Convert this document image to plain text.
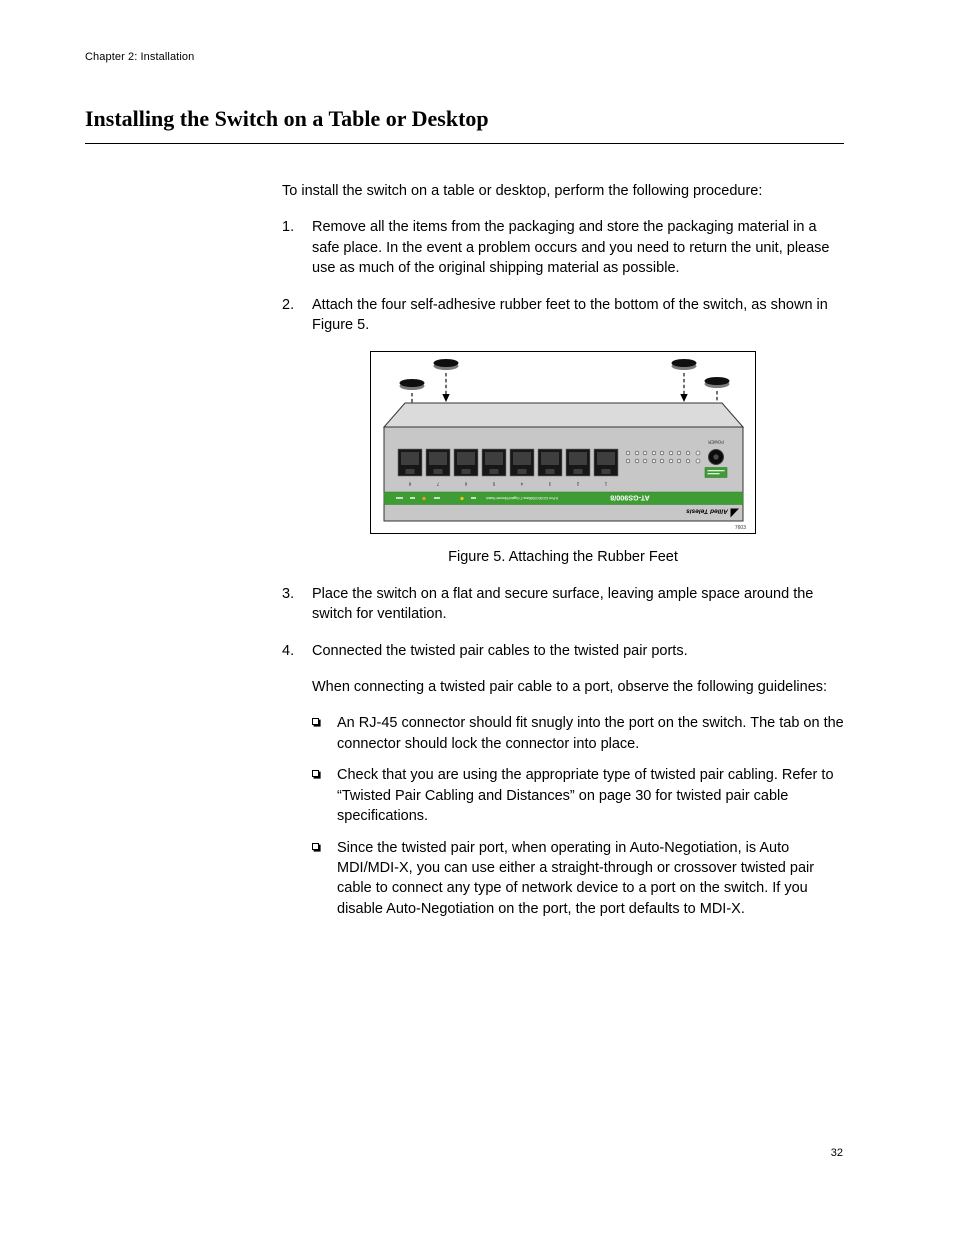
Chapter 2: Installation
Installing the Switch on a Table or Desktop

To install the switch on a table or desktop, perform the following procedure:

1.	Remove all the items from the packaging and store the packaging material in a safe place. In the event a problem occurs and you need to return the unit, please use as much of the original shipping material as possible.
2.	Attach the four self-adhesive rubber feet to the bottom of the switch, as shown in Figure 5.
8	7	6	5	4	3	2	1
POWER
AT-GS900/8
8-Port 10/100/1000Base-T Gigabit Ethernet Switch
Allied Telesis
7603
Figure 5. Attaching the Rubber Feet
3.	Place the switch on a flat and secure surface, leaving ample space around the switch for ventilation.
4.	Connected the twisted pair cables to the twisted pair ports.

When connecting a twisted pair cable to a port, observe the following guidelines:

An RJ-45 connector should fit snugly into the port on the switch. The tab on the connector should lock the connector into place.
Check that you are using the appropriate type of twisted pair cabling. Refer to “Twisted Pair Cabling and Distances” on page 30 for twisted pair cable specifications.
Since the twisted pair port, when operating in Auto-Negotiation, is Auto MDI/MDI-X, you can use either a straight-through or crossover twisted pair cable to connect any type of network device to a port on the switch. If you disable Auto-Negotiation on the port, the port defaults to MDI-X.
32
